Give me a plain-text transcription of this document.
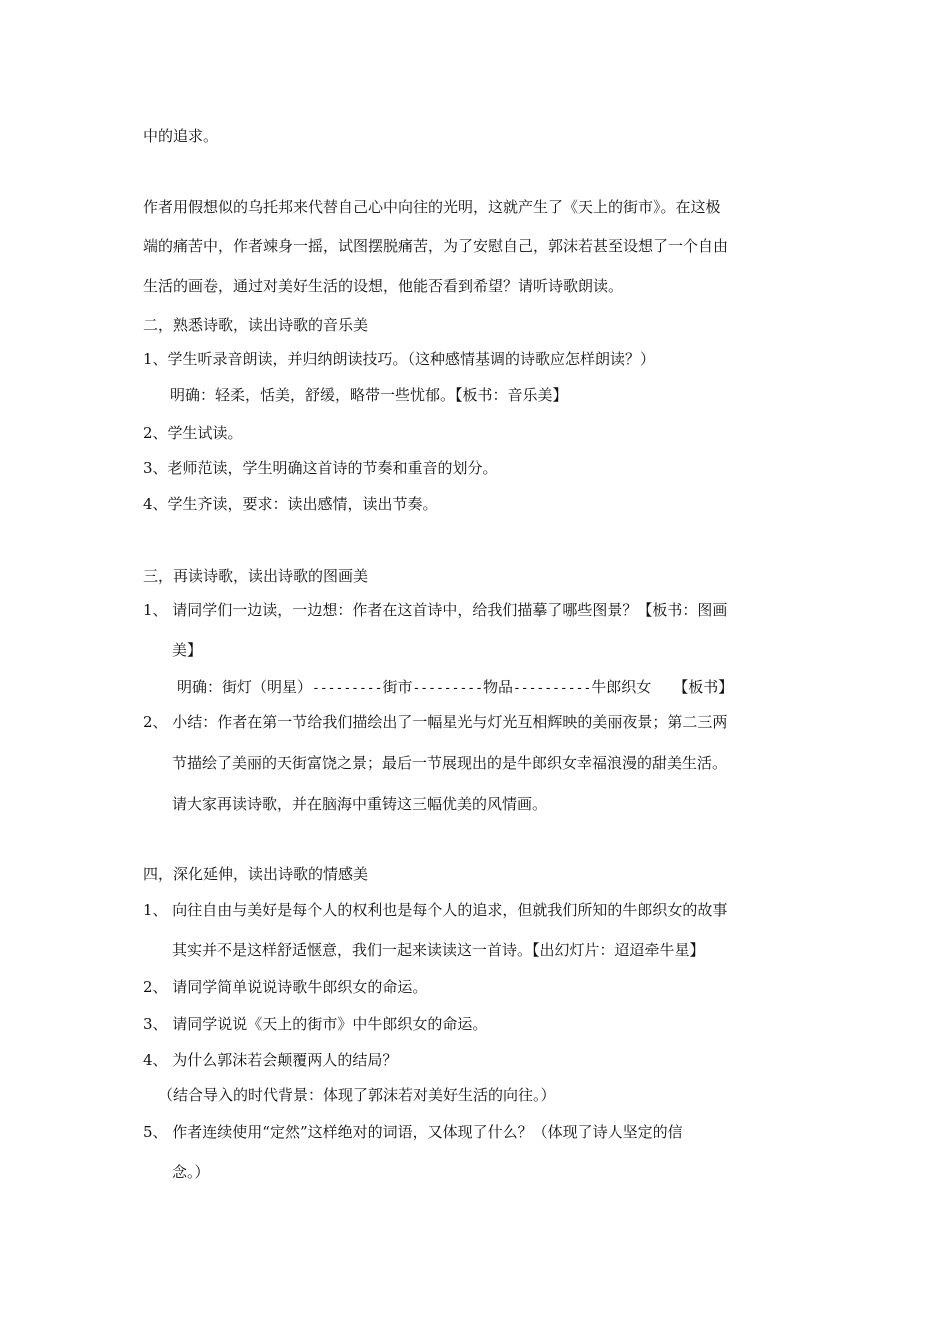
中的追求。
作者用假想似的乌托邦来代替自己心中向往的光明，这就产生了《天上的街市》。在这极
端的痛苦中，作者竦身一摇，试图摆脱痛苦，为了安慰自己，郭沫若甚至设想了一个自由
生活的画卷，通过对美好生活的设想，他能否看到希望？请听诗歌朗读。
二，熟悉诗歌，读出诗歌的音乐美
1、学生听录音朗读，并归纳朗读技巧。（这种感情基调的诗歌应怎样朗读？）
明确：轻柔，恬美，舒缓，略带一些忧郁。【板书：音乐美】
2、学生试读。
3、老师范读，学生明确这首诗的节奏和重音的划分。
4、学生齐读，要求：读出感情，读出节奏。
三，再读诗歌，读出诗歌的图画美
1、 请同学们一边读，一边想：作者在这首诗中，给我们描摹了哪些图景？【板书：图画
美】
明确：街灯（明星）---------街市---------物品----------牛郎织女 【板书】
2、 小结：作者在第一节给我们描绘出了一幅星光与灯光互相辉映的美丽夜景；第二三两
节描绘了美丽的天街富饶之景；最后一节展现出的是牛郎织女幸福浪漫的甜美生活。
请大家再读诗歌，并在脑海中重铸这三幅优美的风情画。
四，深化延伸，读出诗歌的情感美
1、 向往自由与美好是每个人的权利也是每个人的追求，但就我们所知的牛郎织女的故事
其实并不是这样舒适惬意，我们一起来读读这一首诗。【出幻灯片：迢迢牵牛星】
2、 请同学简单说说诗歌牛郎织女的命运。
3、 请同学说说《天上的街市》中牛郎织女的命运。
4、 为什么郭沫若会颠覆两人的结局？
（结合导入的时代背景：体现了郭沫若对美好生活的向往。）
5、 作者连续使用“定然”这样绝对的词语，又体现了什么？（体现了诗人坚定的信
念。）
